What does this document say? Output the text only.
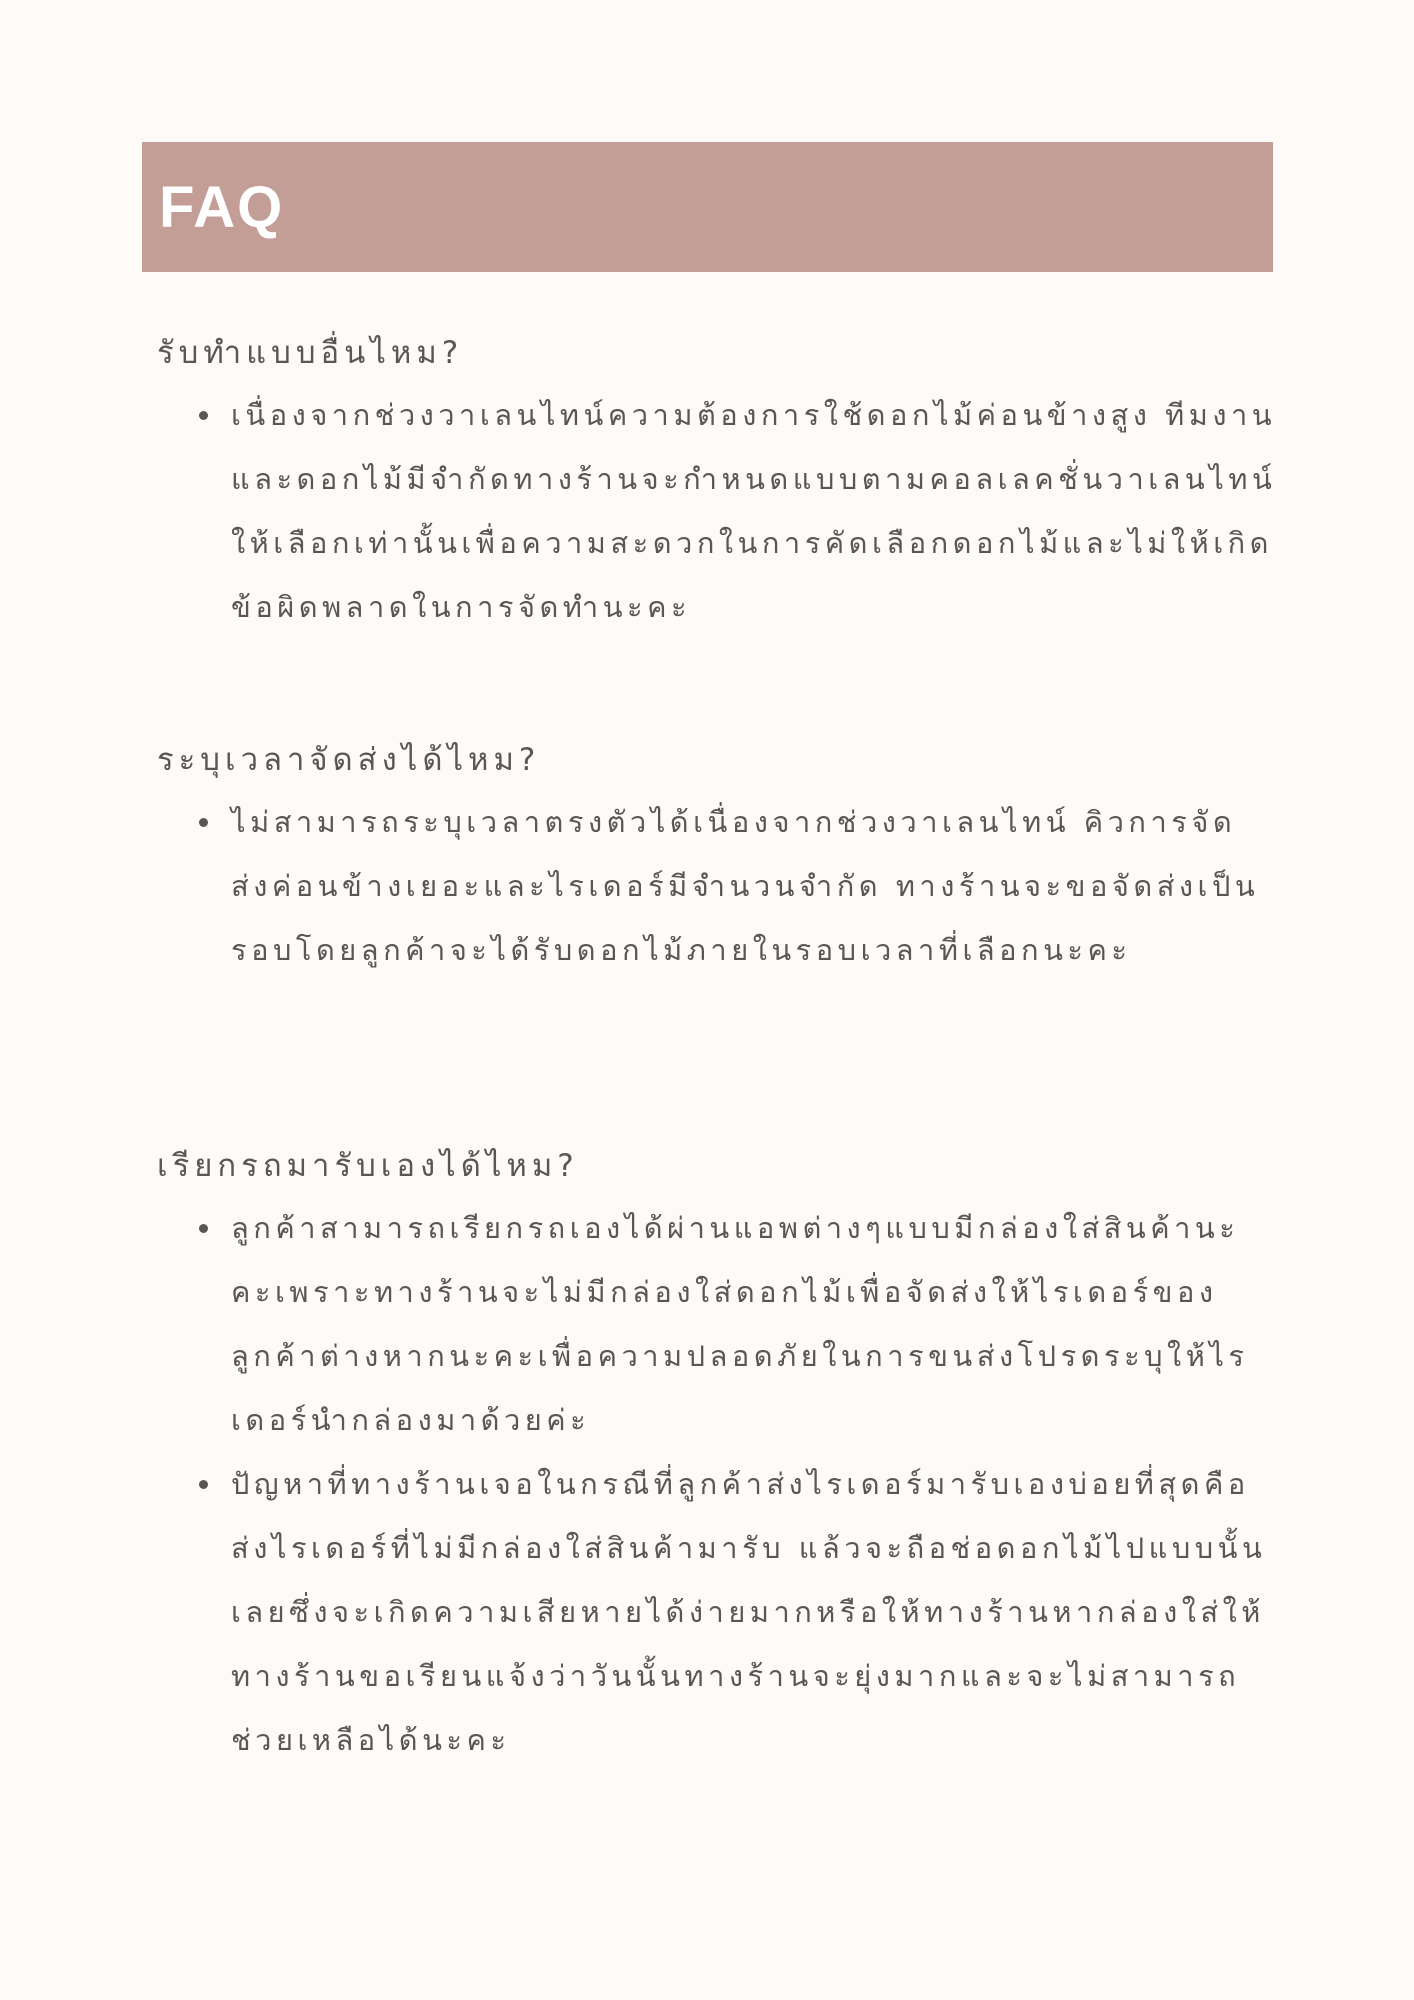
FAQ
รับทำแบบอื่นไหม?
เนื่องจากช่วงวาเลนไทน์ความต้องการใช้ดอกไม้ค่อนข้างสูง ทีมงานและดอกไม้มีจำกัดทางร้านจะกำหนดแบบตามคอลเลคชั่นวาเลนไทน์ให้เลือกเท่านั้นเพื่อความสะดวกในการคัดเลือกดอกไม้และไม่ให้เกิดข้อผิดพลาดในการจัดทำนะคะ
ระบุเวลาจัดส่งได้ไหม?
ไม่สามารถระบุเวลาตรงตัวได้เนื่องจากช่วงวาเลนไทน์ คิวการจัดส่งค่อนข้างเยอะและไรเดอร์มีจำนวนจำกัด ทางร้านจะขอจัดส่งเป็นรอบโดยลูกค้าจะได้รับดอกไม้ภายในรอบเวลาที่เลือกนะคะ
เรียกรถมารับเองได้ไหม?
ลูกค้าสามารถเรียกรถเองได้ผ่านแอพต่างๆแบบมีกล่องใส่สินค้านะคะเพราะทางร้านจะไม่มีกล่องใส่ดอกไม้เพื่อจัดส่งให้ไรเดอร์ของลูกค้าต่างหากนะคะเพื่อความปลอดภัยในการขนส่งโปรดระบุให้ไรเดอร์นำกล่องมาด้วยค่ะ
ปัญหาที่ทางร้านเจอในกรณีที่ลูกค้าส่งไรเดอร์มารับเองบ่อยที่สุดคือส่งไรเดอร์ที่ไม่มีกล่องใส่สินค้ามารับ แล้วจะถือช่อดอกไม้ไปแบบนั้นเลยซึ่งจะเกิดความเสียหายได้ง่ายมากหรือให้ทางร้านหากล่องใส่ให้ ทางร้านขอเรียนแจ้งว่าวันนั้นทางร้านจะยุ่งมากและจะไม่สามารถช่วยเหลือได้นะคะ
